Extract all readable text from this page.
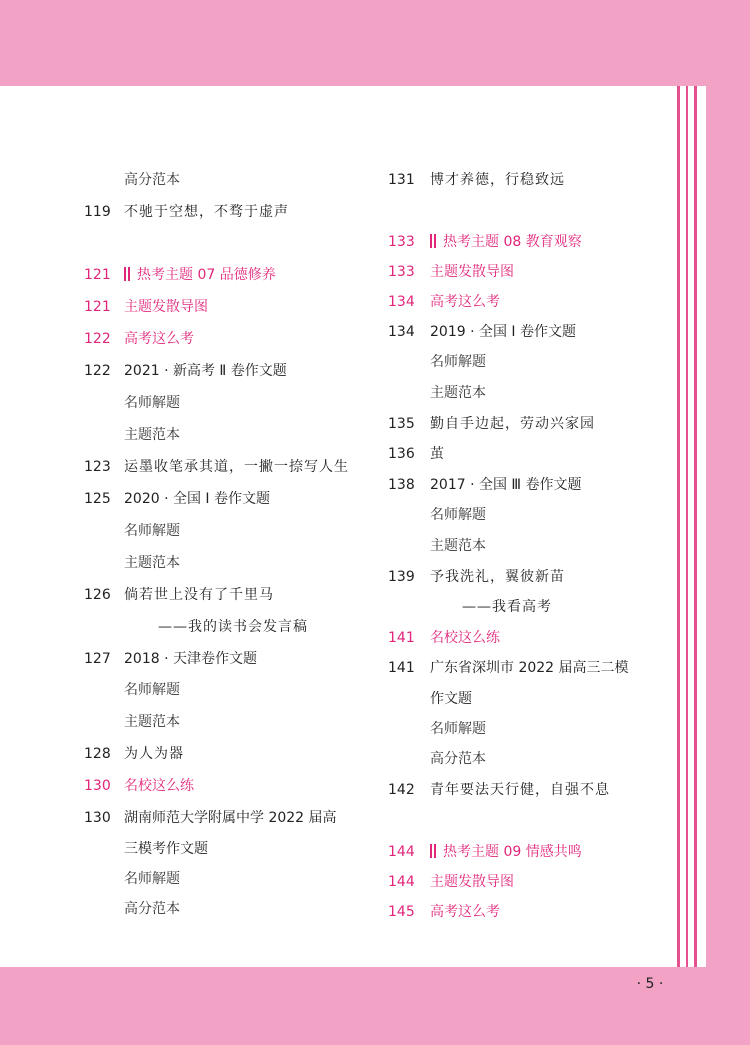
高分范本
119 不驰于空想，不骛于虚声
121	热考主题 07 品德修养
121 主题发散导图
122 高考这么考
122 2021 · 新高考 Ⅱ 卷作文题
名师解题
主题范本
123 运墨收笔承其道，一撇一捺写人生
125 2020 · 全国 Ⅰ 卷作文题
名师解题
主题范本
126 倘若世上没有了千里马
——我的读书会发言稿
127 2018 · 天津卷作文题
名师解题
主题范本
128 为人为器
130 名校这么练
130 湖南师范大学附属中学 2022 届高
三模考作文题
名师解题
高分范本
131 博才养德，行稳致远
133	热考主题 08 教育观察
133 主题发散导图
134 高考这么考
134 2019 · 全国 Ⅰ 卷作文题
名师解题
主题范本
135 勤自手边起，劳动兴家园
136 茧
138 2017 · 全国 Ⅲ 卷作文题
名师解题
主题范本
139 予我洗礼，翼彼新苗
——我看高考
141 名校这么练
141 广东省深圳市 2022 届高三二模
作文题
名师解题
高分范本
142 青年要法天行健，自强不息
144	热考主题 09 情感共鸣
144 主题发散导图
145 高考这么考
· 5 ·
